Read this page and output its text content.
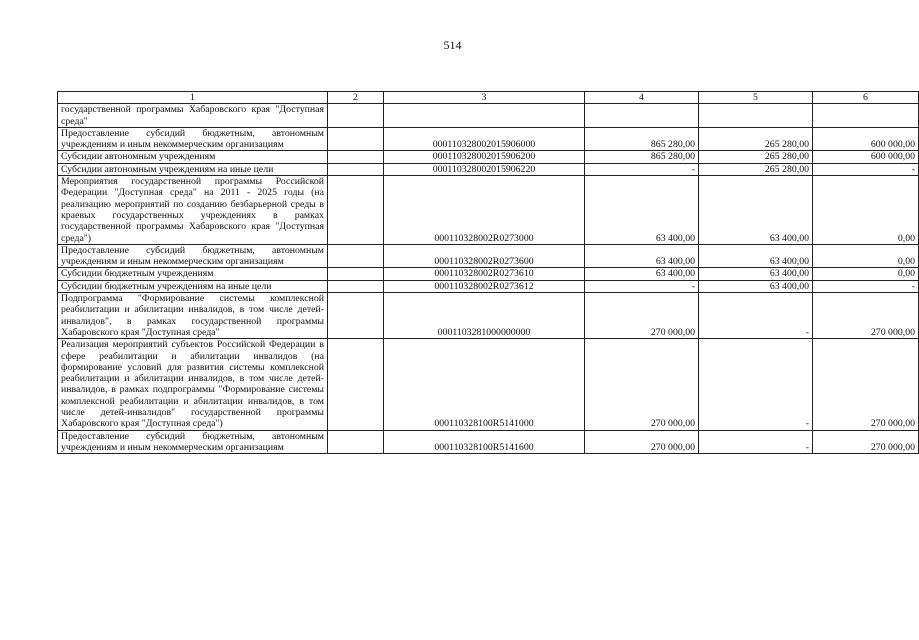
514
1	2	3	4	5	6
государственной программы Хабаровского края "Доступная среда"					
Предоставление субсидий бюджетным, автономным учреждениям и иным некоммерческим организациям		000110328002015906000	865 280,00	265 280,00	600 000,00
Субсидии автономным учреждениям		000110328002015906200	865 280,00	265 280,00	600 000,00
Субсидии автономным учреждениям на иные цели		000110328002015906220	-	265 280,00	-
Мероприятия государственной программы Российской Федерации "Доступная среда" на 2011 - 2025 годы (на реализацию мероприятий по созданию безбарьерной среды в краевых государственных учреждениях в рамках государственной программы Хабаровского края "Доступная среда")		000110328002R0273000	63 400,00	63 400,00	0,00
Предоставление субсидий бюджетным, автономным учреждениям и иным некоммерческим организациям		000110328002R0273600	63 400,00	63 400,00	0,00
Субсидии бюджетным учреждениям		000110328002R0273610	63 400,00	63 400,00	0,00
Субсидии бюджетным учреждениям на иные цели		000110328002R0273612	-	63 400,00	-
Подпрограмма "Формирование системы комплексной реабилитации и абилитации инвалидов, в том числе детей-инвалидов", в рамках государственной программы Хабаровского края "Доступная среда"		0001103281000000000	270 000,00	-	270 000,00
Реализация мероприятий субъектов Российской Федерации в сфере реабилитации и абилитации инвалидов (на формирование условий для развития системы комплексной реабилитации и абилитации инвалидов, в том числе детей-инвалидов, в рамках подпрограммы "Формирование системы комплексной реабилитации и абилитации инвалидов, в том числе детей-инвалидов" государственной программы Хабаровского края "Доступная среда")		000110328100R5141000	270 000,00	-	270 000,00
Предоставление субсидий бюджетным, автономным учреждениям и иным некоммерческим организациям		000110328100R5141600	270 000,00	-	270 000,00
